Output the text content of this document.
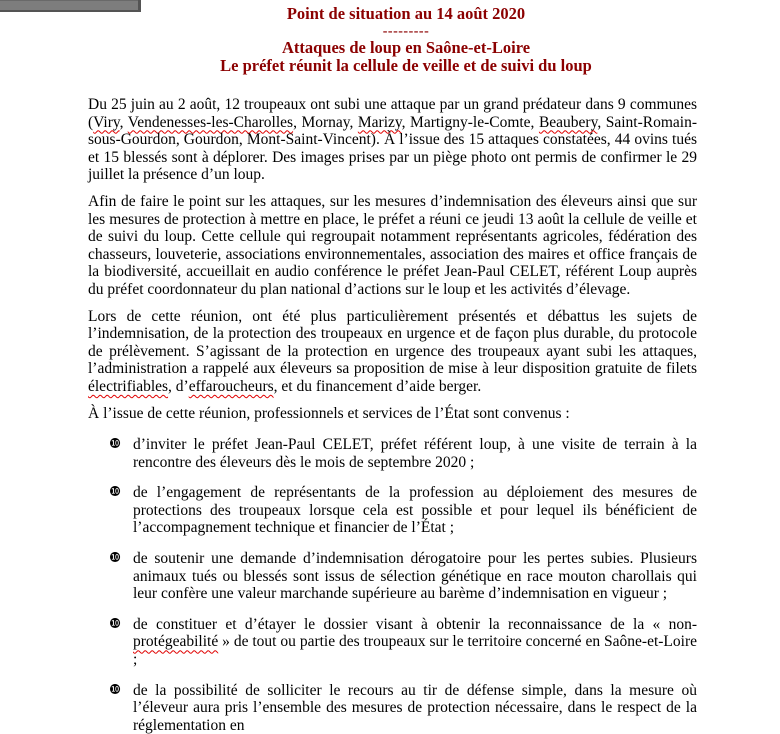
Point de situation au 14 août 2020
---------
Attaques de loup en Saône-et-Loire
Le préfet réunit la cellule de veille et de suivi du loup

Du 25 juin au 2 août, 12 troupeaux ont subi une attaque par un grand prédateur dans 9 communes (Viry, Vendenesses-les-Charolles, Mornay, Marizy, Martigny-le-Comte, Beaubery, Saint-Romain-sous-Gourdon, Gourdon, Mont-Saint-Vincent). À l’issue des 15 attaques constatées, 44 ovins tués et 15 blessés sont à déplorer. Des images prises par un piège photo ont permis de confirmer le 29 juillet la présence d’un loup.

Afin de faire le point sur les attaques, sur les mesures d’indemnisation des éleveurs ainsi que sur les mesures de protection à mettre en place, le préfet a réuni ce jeudi 13 août la cellule de veille et de suivi du loup. Cette cellule qui regroupait notamment représentants agricoles, fédération des chasseurs, louveterie, associations environnementales, association des maires et office français de la biodiversité, accueillait en audio conférence le préfet Jean-Paul CELET, référent Loup auprès du préfet coordonnateur du plan national d’actions sur le loup et les activités d’élevage.

Lors de cette réunion, ont été plus particulièrement présentés et débattus les sujets de l’indemnisation, de la protection des troupeaux en urgence et de façon plus durable, du protocole de prélèvement. S’agissant de la protection en urgence des troupeaux ayant subi les attaques, l’administration a rappelé aux éleveurs sa proposition de mise à leur disposition gratuite de filets électrifiables, d’effaroucheurs, et du financement d’aide berger.

À l’issue de cette réunion, professionnels et services de l’État sont convenus :

❿ d’inviter le préfet Jean-Paul CELET, préfet référent loup, à une visite de terrain à la rencontre des éleveurs dès le mois de septembre 2020 ;
❿ de l’engagement de représentants de la profession au déploiement des mesures de protections des troupeaux lorsque cela est possible et pour lequel ils bénéficient de l’accompagnement technique et financier de l’État ;
❿ de soutenir une demande d’indemnisation dérogatoire pour les pertes subies. Plusieurs animaux tués ou blessés sont issus de sélection génétique en race mouton charollais qui leur confère une valeur marchande supérieure au barème d’indemnisation en vigueur ;
❿ de constituer et d’étayer le dossier visant à obtenir la reconnaissance de la « non-protégeabilité » de tout ou partie des troupeaux sur le territoire concerné en Saône-et-Loire ;
❿ de la possibilité de solliciter le recours au tir de défense simple, dans la mesure où l’éleveur aura pris l’ensemble des mesures de protection nécessaire, dans le respect de la réglementation en
